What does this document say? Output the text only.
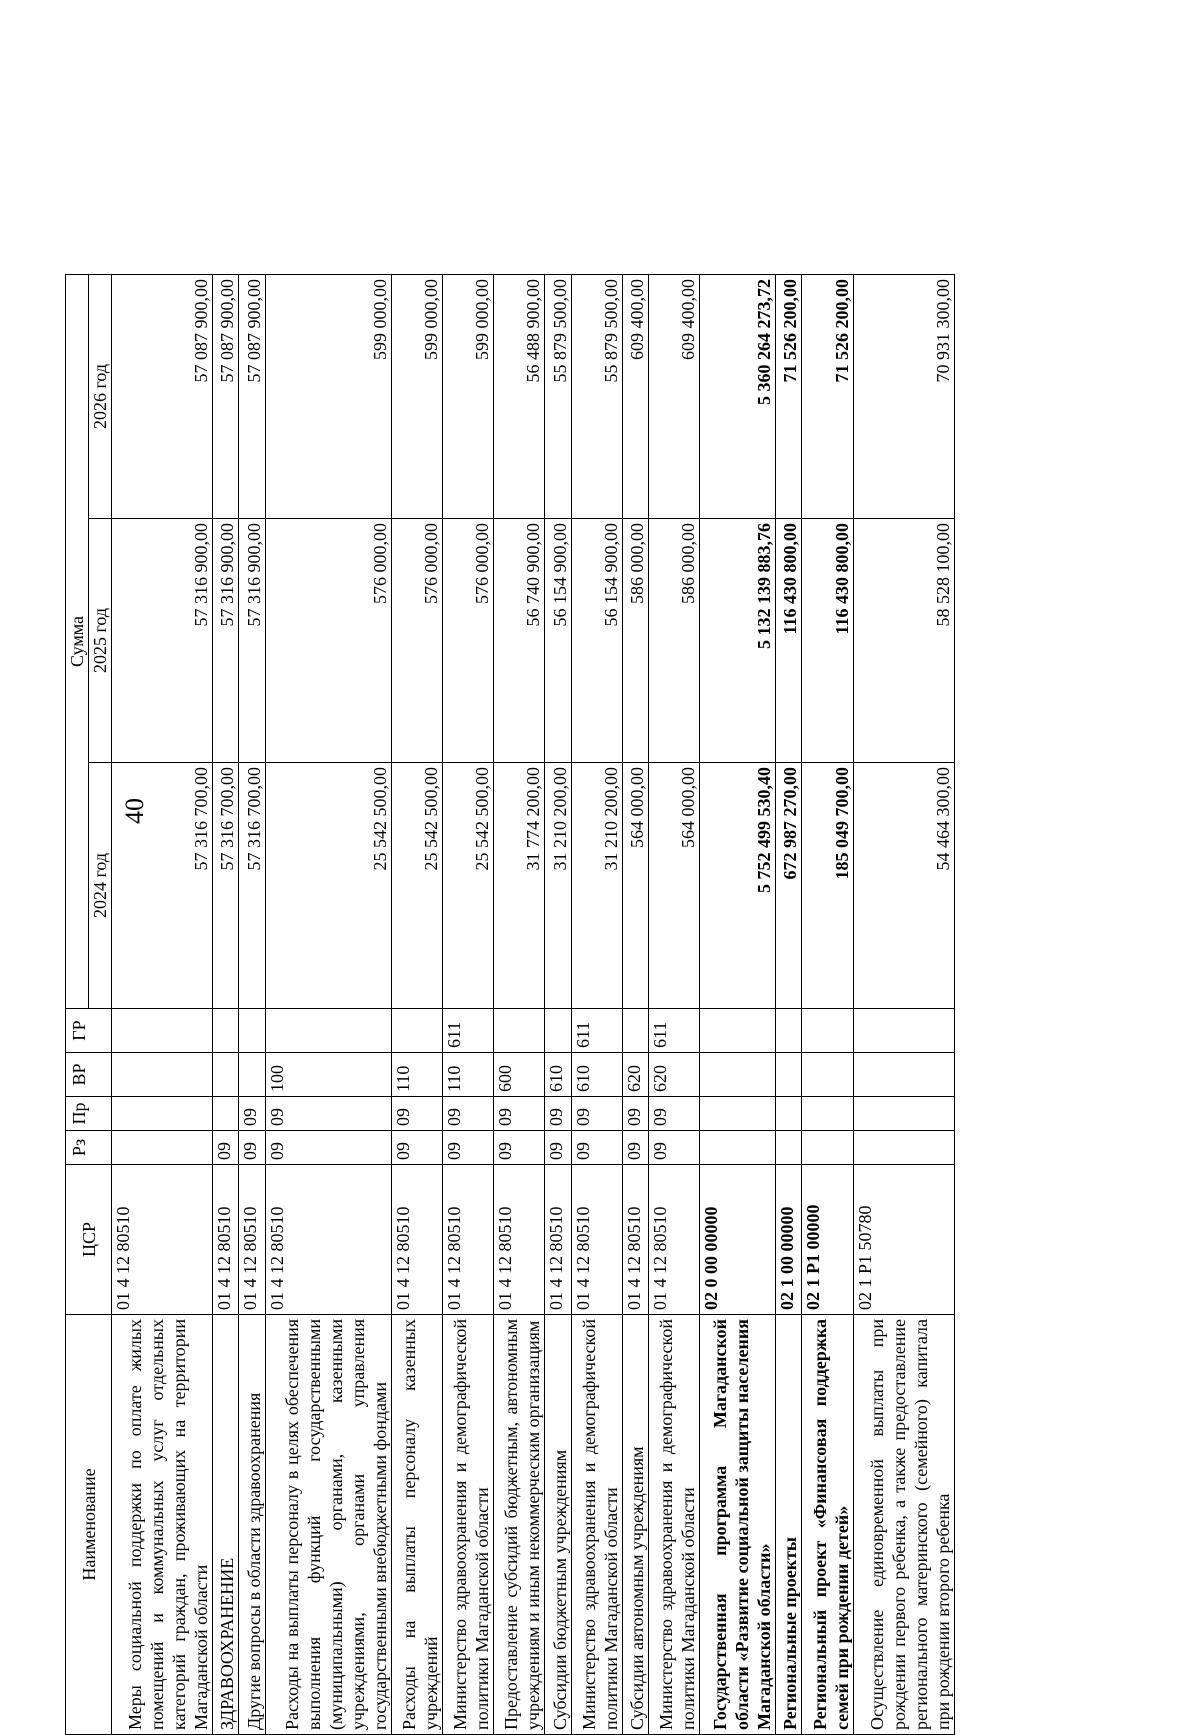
40
Наименование	ЦСР	Рз	Пр	ВР	ГР	Сумма		
						2024 год	2025 год	2026 год
Меры социальной поддержки по оплате жилых помещений и коммунальных услуг отдельных категорий граждан, проживающих на территории Магаданской области	01 4 12 80510					57 316 700,00	57 316 900,00	57 087 900,00
ЗДРАВООХРАНЕНИЕ	01 4 12 80510	09				57 316 700,00	57 316 900,00	57 087 900,00
Другие вопросы в области здравоохранения	01 4 12 80510	09	09			57 316 700,00	57 316 900,00	57 087 900,00
Расходы на выплаты персоналу в целях обеспечения выполнения функций государственными (муниципальными) органами, казенными учреждениями, органами управления государственными внебюджетными фондами	01 4 12 80510	09	09	100		25 542 500,00	576 000,00	599 000,00
Расходы на выплаты персоналу казенных учреждений	01 4 12 80510	09	09	110		25 542 500,00	576 000,00	599 000,00
Министерство здравоохранения и демографической политики Магаданской области	01 4 12 80510	09	09	110	611	25 542 500,00	576 000,00	599 000,00
Предоставление субсидий бюджетным, автономным учреждениям и иным некоммерческим организациям	01 4 12 80510	09	09	600		31 774 200,00	56 740 900,00	56 488 900,00
Субсидии бюджетным учреждениям	01 4 12 80510	09	09	610		31 210 200,00	56 154 900,00	55 879 500,00
Министерство здравоохранения и демографической политики Магаданской области	01 4 12 80510	09	09	610	611	31 210 200,00	56 154 900,00	55 879 500,00
Субсидии автономным учреждениям	01 4 12 80510	09	09	620		564 000,00	586 000,00	609 400,00
Министерство здравоохранения и демографической политики Магаданской области	01 4 12 80510	09	09	620	611	564 000,00	586 000,00	609 400,00
Государственная программа Магаданской области «Развитие социальной защиты населения Магаданской области»	02 0 00 00000					5 752 499 530,40	5 132 139 883,76	5 360 264 273,72
Региональные проекты	02 1 00 00000					672 987 270,00	116 430 800,00	71 526 200,00
Региональный проект «Финансовая поддержка семей при рождении детей»	02 1 P1 00000					185 049 700,00	116 430 800,00	71 526 200,00
Осуществление единовременной выплаты при рождении первого ребенка, а также предоставление регионального материнского (семейного) капитала при рождении второго ребенка	02 1 P1 50780					54 464 300,00	58 528 100,00	70 931 300,00
